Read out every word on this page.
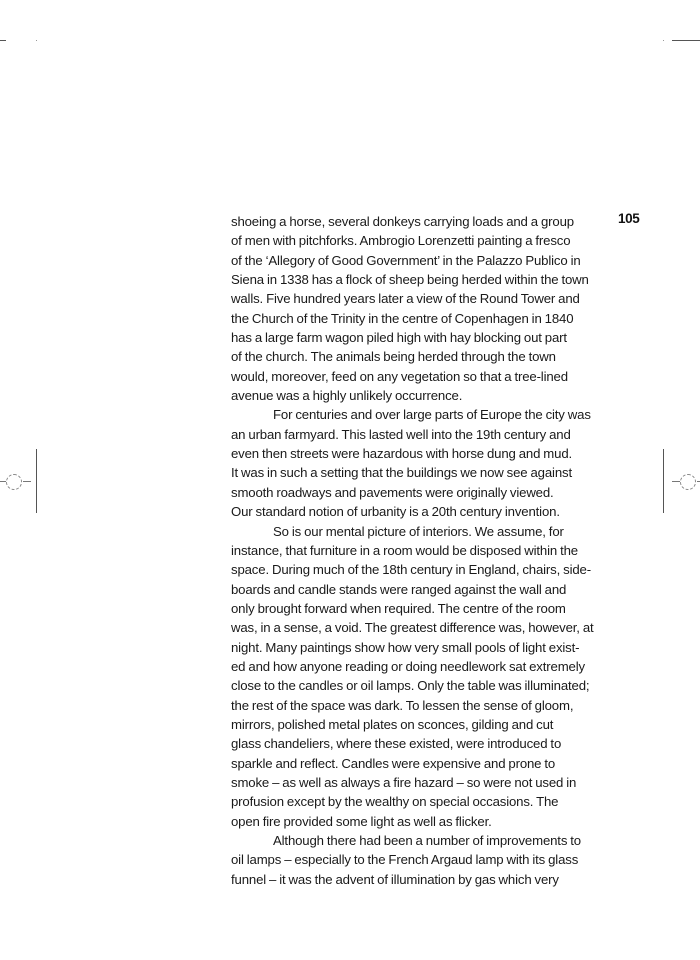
105
shoeing a horse, several donkeys carrying loads and a group
of men with pitchforks. Ambrogio Lorenzetti painting a fresco
of the ‘Allegory of Good Government’ in the Palazzo Publico in
Siena in 1338 has a flock of sheep being herded within the town
walls. Five hundred years later a view of the Round Tower and
the Church of the Trinity in the centre of Copenhagen in 1840
has a large farm wagon piled high with hay blocking out part
of the church. The animals being herded through the town
would, moreover, feed on any vegetation so that a tree-lined
avenue was a highly unlikely occurrence.
For centuries and over large parts of Europe the city was
an urban farmyard. This lasted well into the 19th century and
even then streets were hazardous with horse dung and mud.
It was in such a setting that the buildings we now see against
smooth roadways and pavements were originally viewed.
Our standard notion of urbanity is a 20th century invention.
So is our mental picture of interiors. We assume, for
instance, that furniture in a room would be disposed within the
space. During much of the 18th century in England, chairs, side-
boards and candle stands were ranged against the wall and
only brought forward when required. The centre of the room
was, in a sense, a void. The greatest difference was, however, at
night. Many paintings show how very small pools of light exist-
ed and how anyone reading or doing needlework sat extremely
close to the candles or oil lamps. Only the table was illuminated;
the rest of the space was dark. To lessen the sense of gloom,
mirrors, polished metal plates on sconces, gilding and cut
glass chandeliers, where these existed, were introduced to
sparkle and reflect. Candles were expensive and prone to
smoke – as well as always a fire hazard – so were not used in
profusion except by the wealthy on special occasions. The
open fire provided some light as well as flicker.
Although there had been a number of improvements to
oil lamps – especially to the French Argaud lamp with its glass
funnel – it was the advent of illumination by gas which very
